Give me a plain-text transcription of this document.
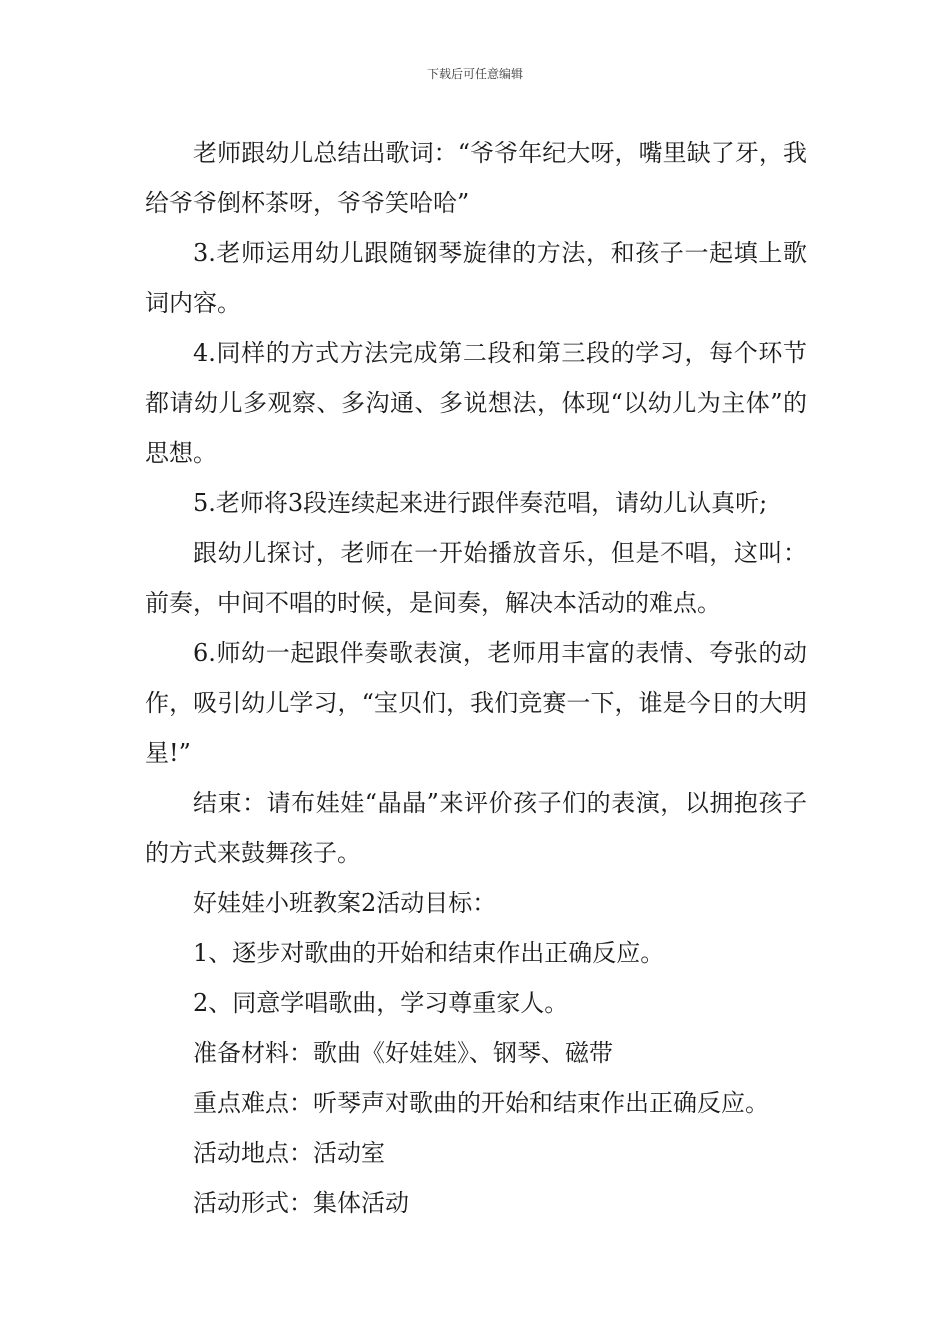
下载后可任意编辑

老师跟幼儿总结出歌词：“爷爷年纪大呀，嘴里缺了牙，我给爷爷倒杯茶呀，爷爷笑哈哈”

3.老师运用幼儿跟随钢琴旋律的方法，和孩子一起填上歌词内容。

4.同样的方式方法完成第二段和第三段的学习，每个环节都请幼儿多观察、多沟通、多说想法，体现“以幼儿为主体”的思想。

5.老师将3段连续起来进行跟伴奏范唱，请幼儿认真听;

跟幼儿探讨，老师在一开始播放音乐，但是不唱，这叫：前奏，中间不唱的时候，是间奏，解决本活动的难点。

6.师幼一起跟伴奏歌表演，老师用丰富的表情、夸张的动作，吸引幼儿学习，“宝贝们，我们竞赛一下，谁是今日的大明星!”

结束：请布娃娃“晶晶”来评价孩子们的表演，以拥抱孩子的方式来鼓舞孩子。

好娃娃小班教案2活动目标：

1、逐步对歌曲的开始和结束作出正确反应。

2、同意学唱歌曲，学习尊重家人。

准备材料：歌曲《好娃娃》、钢琴、磁带

重点难点：听琴声对歌曲的开始和结束作出正确反应。

活动地点：活动室

活动形式：集体活动
